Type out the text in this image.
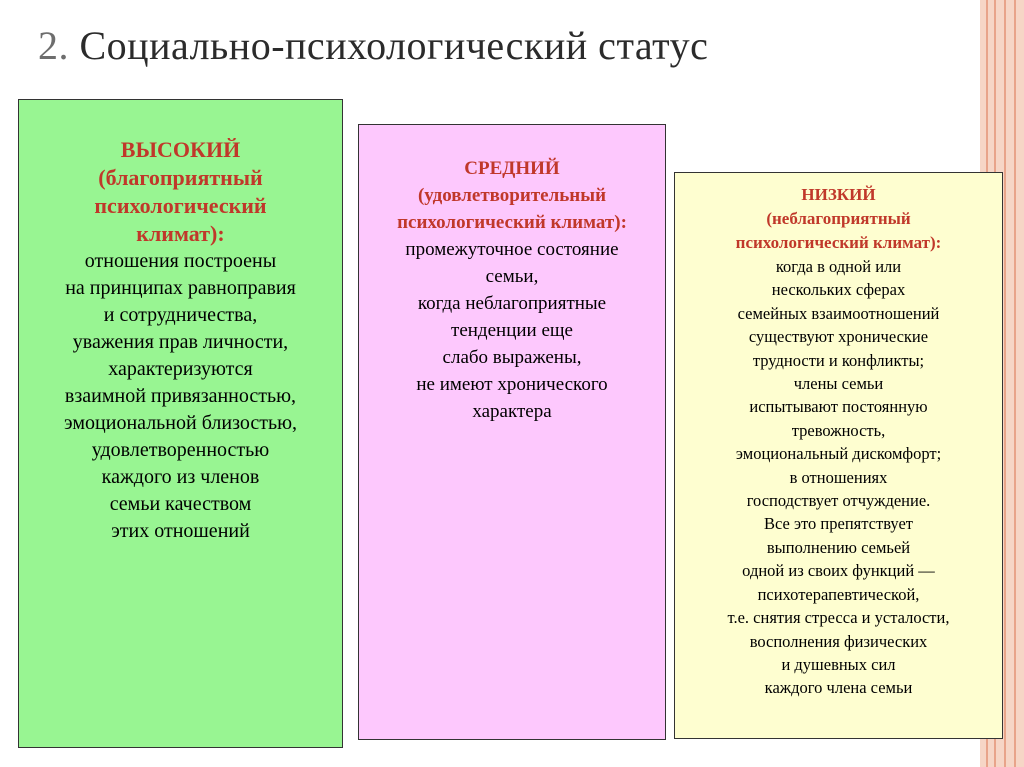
2. Социально-психологический статус
ВЫСОКИЙ
(благоприятный
психологический
климат):
отношения построены
на принципах равноправия
и сотрудничества,
уважения прав личности,
характеризуются
взаимной привязанностью,
эмоциональной близостью,
удовлетворенностью
каждого из членов
семьи качеством
этих отношений
СРЕДНИЙ
(удовлетворительный
психологический климат):
промежуточное состояние
семьи,
когда неблагоприятные
тенденции еще
слабо выражены,
не имеют хронического
характера
НИЗКИЙ
(неблагоприятный
психологический климат):
когда в одной или
нескольких сферах
семейных взаимоотношений
существуют хронические
трудности и конфликты;
члены семьи
испытывают постоянную
тревожность,
эмоциональный дискомфорт;
в отношениях
господствует отчуждение.
Все это препятствует
выполнению семьей
одной из своих функций —
психотерапевтической,
т.е. снятия стресса и усталости,
восполнения физических
и душевных сил
каждого члена семьи
